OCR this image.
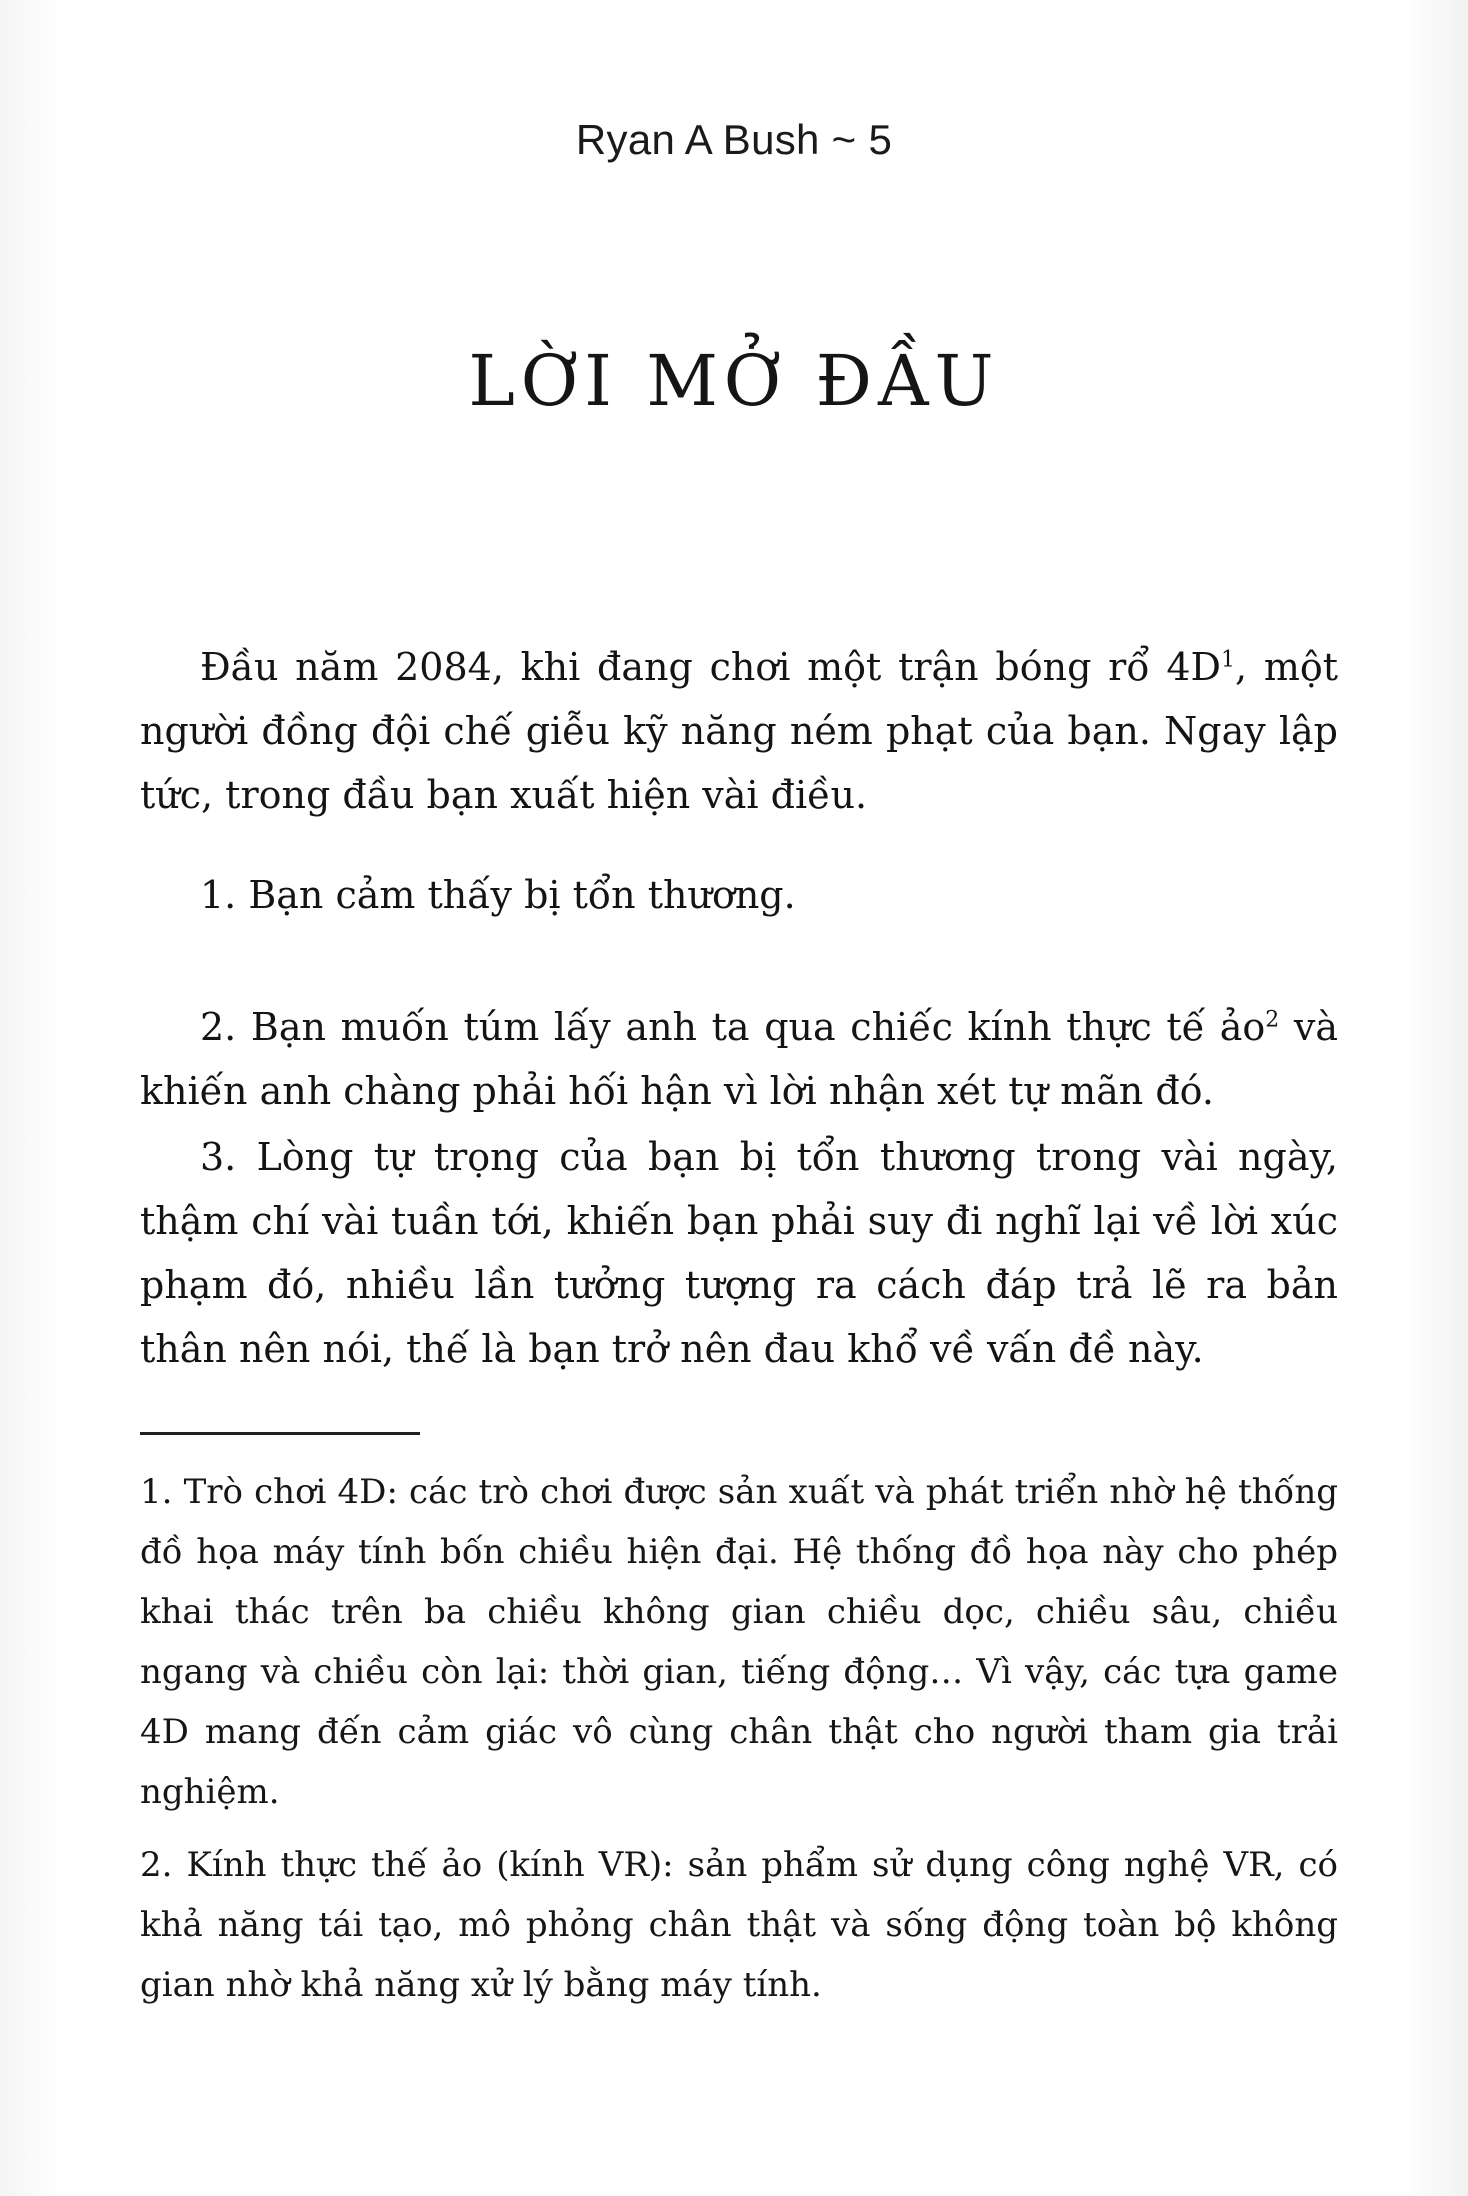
Ryan A Bush ~ 5
LỜI MỞ ĐẦU

Đầu năm 2084, khi đang chơi một trận bóng rổ $4D^1$, một người đồng đội chế giễu kỹ năng ném phạt của bạn. Ngay lập tức, trong đầu bạn xuất hiện vài điều.

1. Bạn cảm thấy bị tổn thương.

2. Bạn muốn túm lấy anh ta qua chiếc kính thực tế ảo$^2$ và khiến anh chàng phải hối hận vì lời nhận xét tự mãn đó.

3. Lòng tự trọng của bạn bị tổn thương trong vài ngày, thậm chí vài tuần tới, khiến bạn phải suy đi nghĩ lại về lời xúc phạm đó, nhiều lần tưởng tượng ra cách đáp trả lẽ ra bản thân nên nói, thế là bạn trở nên đau khổ về vấn đề này.

1. Trò chơi 4D: các trò chơi được sản xuất và phát triển nhờ hệ thống đồ họa máy tính bốn chiều hiện đại. Hệ thống đồ họa này cho phép khai thác trên ba chiều không gian chiều dọc, chiều sâu, chiều ngang và chiều còn lại: thời gian, tiếng động… Vì vậy, các tựa game 4D mang đến cảm giác vô cùng chân thật cho người tham gia trải nghiệm.

2. Kính thực thế ảo (kính VR): sản phẩm sử dụng công nghệ VR, có khả năng tái tạo, mô phỏng chân thật và sống động toàn bộ không gian nhờ khả năng xử lý bằng máy tính.
